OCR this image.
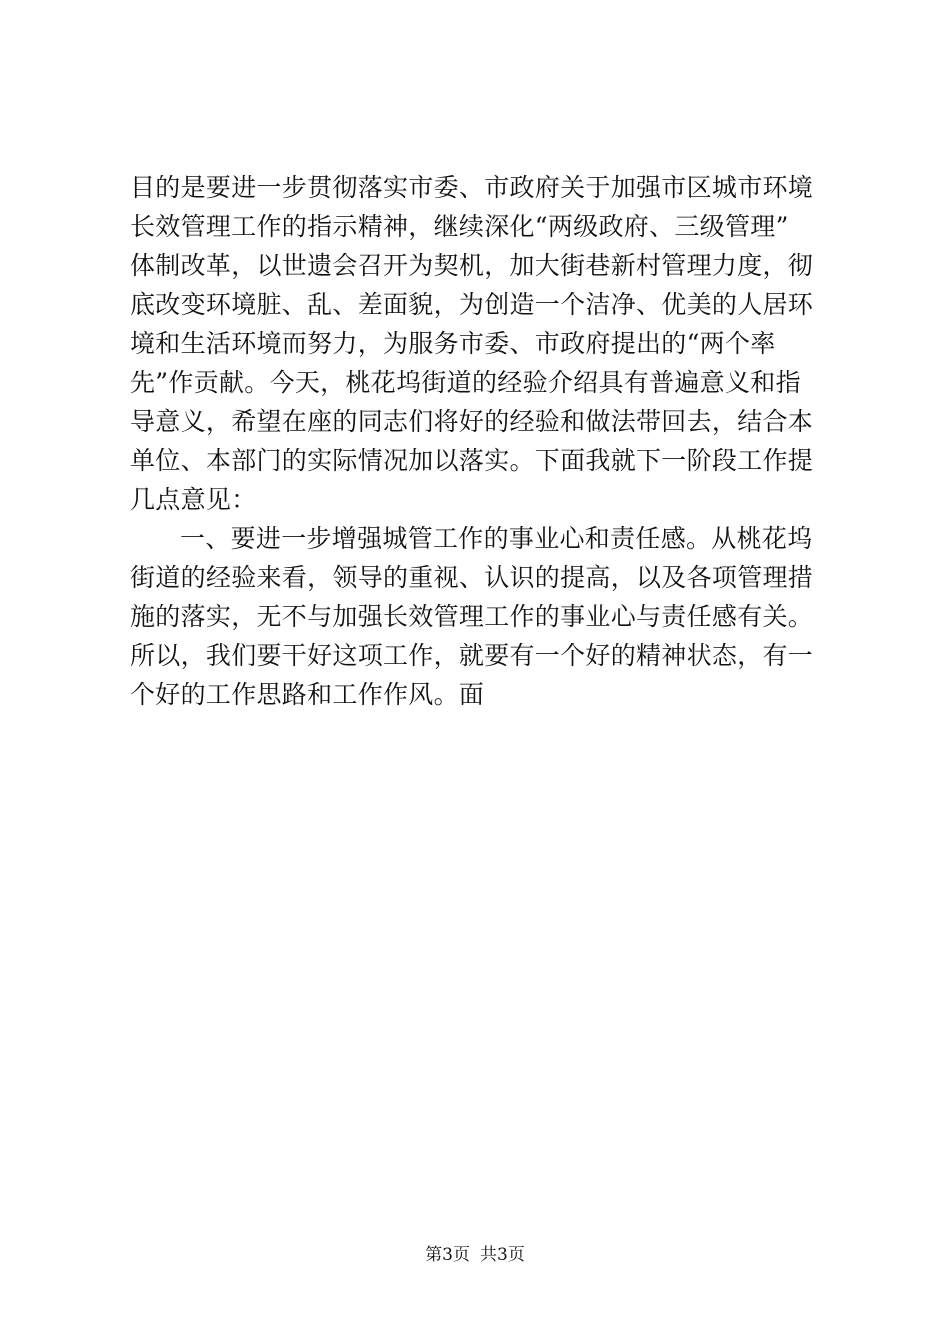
目的是要进一步贯彻落实市委、市政府关于加强市区城市环境
长效管理工作的指示精神，继续深化“两级政府、三级管理”
体制改革，以世遗会召开为契机，加大街巷新村管理力度，彻
底改变环境脏、乱、差面貌，为创造一个洁净、优美的人居环
境和生活环境而努力，为服务市委、市政府提出的“两个率
先”作贡献。今天，桃花坞街道的经验介绍具有普遍意义和指
导意义，希望在座的同志们将好的经验和做法带回去，结合本
单位、本部门的实际情况加以落实。下面我就下一阶段工作提
几点意见：
一、要进一步增强城管工作的事业心和责任感。从桃花坞
街道的经验来看，领导的重视、认识的提高，以及各项管理措
施的落实，无不与加强长效管理工作的事业心与责任感有关。
所以，我们要干好这项工作，就要有一个好的精神状态，有一
个好的工作思路和工作作风。面
第3页 共3页
